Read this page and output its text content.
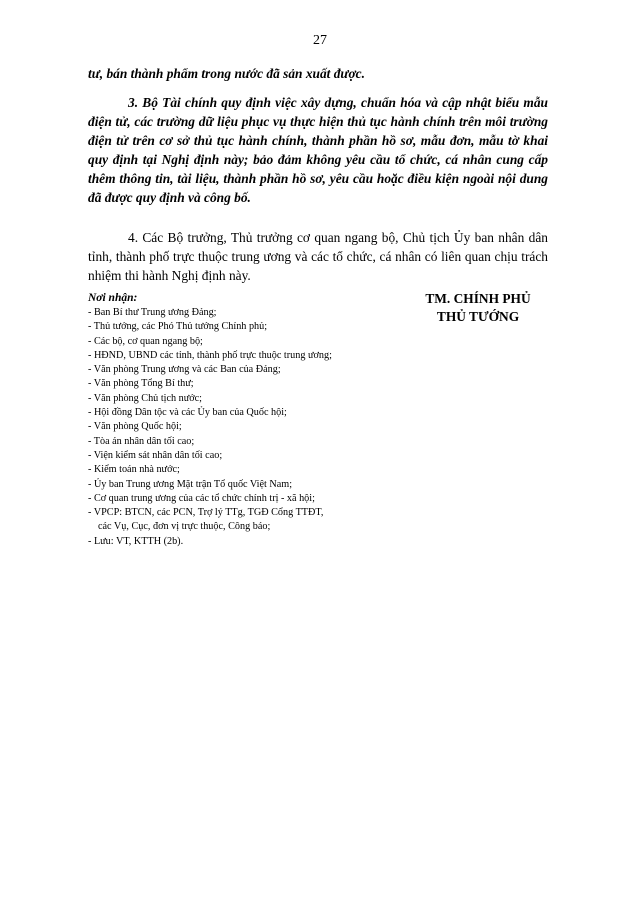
27
tư, bán thành phẩm trong nước đã sản xuất được.
3. Bộ Tài chính quy định việc xây dựng, chuẩn hóa và cập nhật biểu mẫu điện tử, các trường dữ liệu phục vụ thực hiện thủ tục hành chính trên môi trường điện tử trên cơ sở thủ tục hành chính, thành phần hồ sơ, mẫu đơn, mẫu tờ khai quy định tại Nghị định này; bảo đảm không yêu cầu tổ chức, cá nhân cung cấp thêm thông tin, tài liệu, thành phần hồ sơ, yêu cầu hoặc điều kiện ngoài nội dung đã được quy định và công bố.
4. Các Bộ trưởng, Thủ trưởng cơ quan ngang bộ, Chủ tịch Ủy ban nhân dân tỉnh, thành phố trực thuộc trung ương và các tổ chức, cá nhân có liên quan chịu trách nhiệm thi hành Nghị định này.
Nơi nhận:
- Ban Bí thư Trung ương Đảng;
- Thủ tướng, các Phó Thủ tướng Chính phủ;
- Các bộ, cơ quan ngang bộ;
- HĐND, UBND các tỉnh, thành phố trực thuộc trung ương;
- Văn phòng Trung ương và các Ban của Đảng;
- Văn phòng Tổng Bí thư;
- Văn phòng Chủ tịch nước;
- Hội đồng Dân tộc và các Ủy ban của Quốc hội;
- Văn phòng Quốc hội;
- Tòa án nhân dân tối cao;
- Viện kiểm sát nhân dân tối cao;
- Kiểm toán nhà nước;
- Ủy ban Trung ương Mặt trận Tổ quốc Việt Nam;
- Cơ quan trung ương của các tổ chức chính trị - xã hội;
- VPCP: BTCN, các PCN, Trợ lý TTg, TGĐ Cổng TTĐT,
các Vụ, Cục, đơn vị trực thuộc, Công báo;
- Lưu: VT, KTTH (2b).
TM. CHÍNH PHỦ
THỦ TƯỚNG
